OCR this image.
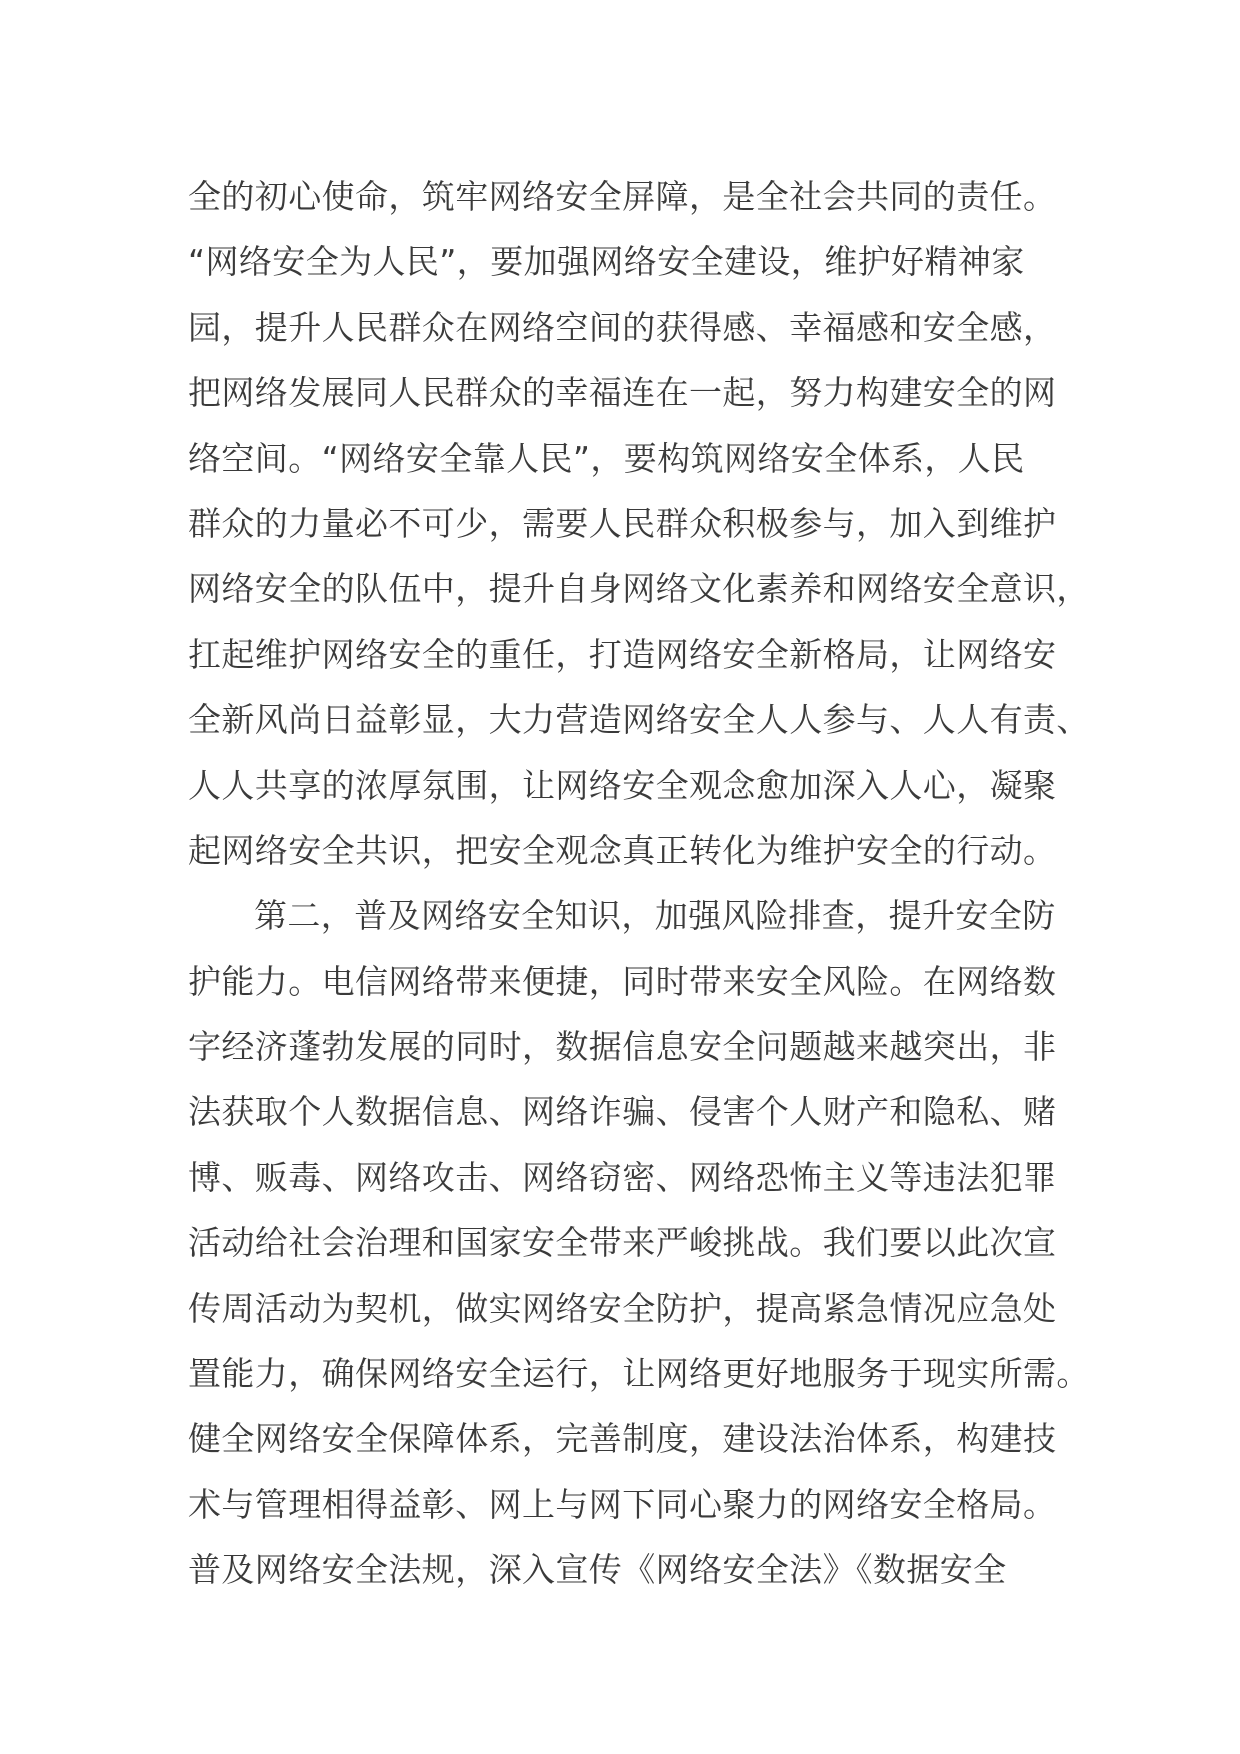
全的初心使命，筑牢网络安全屏障，是全社会共同的责任。
“网络安全为人民”，要加强网络安全建设，维护好精神家
园，提升人民群众在网络空间的获得感、幸福感和安全感，
把网络发展同人民群众的幸福连在一起，努力构建安全的网
络空间。“网络安全靠人民”，要构筑网络安全体系，人民
群众的力量必不可少，需要人民群众积极参与，加入到维护
网络安全的队伍中，提升自身网络文化素养和网络安全意识，
扛起维护网络安全的重任，打造网络安全新格局，让网络安
全新风尚日益彰显，大力营造网络安全人人参与、人人有责、
人人共享的浓厚氛围，让网络安全观念愈加深入人心，凝聚
起网络安全共识，把安全观念真正转化为维护安全的行动。
第二，普及网络安全知识，加强风险排查，提升安全防
护能力。电信网络带来便捷，同时带来安全风险。在网络数
字经济蓬勃发展的同时，数据信息安全问题越来越突出，非
法获取个人数据信息、网络诈骗、侵害个人财产和隐私、赌
博、贩毒、网络攻击、网络窃密、网络恐怖主义等违法犯罪
活动给社会治理和国家安全带来严峻挑战。我们要以此次宣
传周活动为契机，做实网络安全防护，提高紧急情况应急处
置能力，确保网络安全运行，让网络更好地服务于现实所需。
健全网络安全保障体系，完善制度，建设法治体系，构建技
术与管理相得益彰、网上与网下同心聚力的网络安全格局。
普及网络安全法规，深入宣传《网络安全法》《数据安全
